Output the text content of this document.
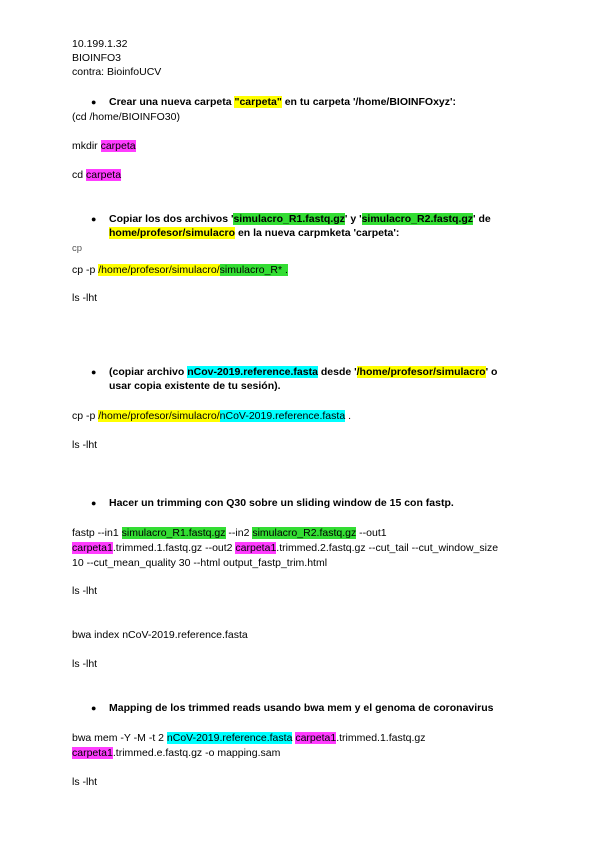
10.199.1.32
BIOINFO3
contra: BioinfoUCV
● Crear una nueva carpeta "carpeta" en tu carpeta '/home/BIOINFOxyz':
(cd /home/BIOINFO30)
mkdir carpeta
cd carpeta
● Copiar los dos archivos 'simulacro_R1.fastq.gz' y 'simulacro_R2.fastq.gz' de
home/profesor/simulacro en la nueva carpmketa 'carpeta':
cp
cp -p /home/profesor/simulacro/simulacro_R* .
ls -lht
● (copiar archivo nCov-2019.reference.fasta desde '/home/profesor/simulacro' o
usar copia existente de tu sesión).
cp -p /home/profesor/simulacro/nCoV-2019.reference.fasta .
ls -lht
● Hacer un trimming con Q30 sobre un sliding window de 15 con fastp.
fastp --in1 simulacro_R1.fastq.gz --in2 simulacro_R2.fastq.gz --out1
carpeta1.trimmed.1.fastq.gz --out2 carpeta1.trimmed.2.fastq.gz --cut_tail --cut_window_size
10 --cut_mean_quality 30 --html output_fastp_trim.html
ls -lht
bwa index nCoV-2019.reference.fasta
ls -lht
● Mapping de los trimmed reads usando bwa mem y el genoma de coronavirus
bwa mem -Y -M -t 2 nCoV-2019.reference.fasta carpeta1.trimmed.1.fastq.gz
carpeta1.trimmed.e.fastq.gz -o mapping.sam
ls -lht
